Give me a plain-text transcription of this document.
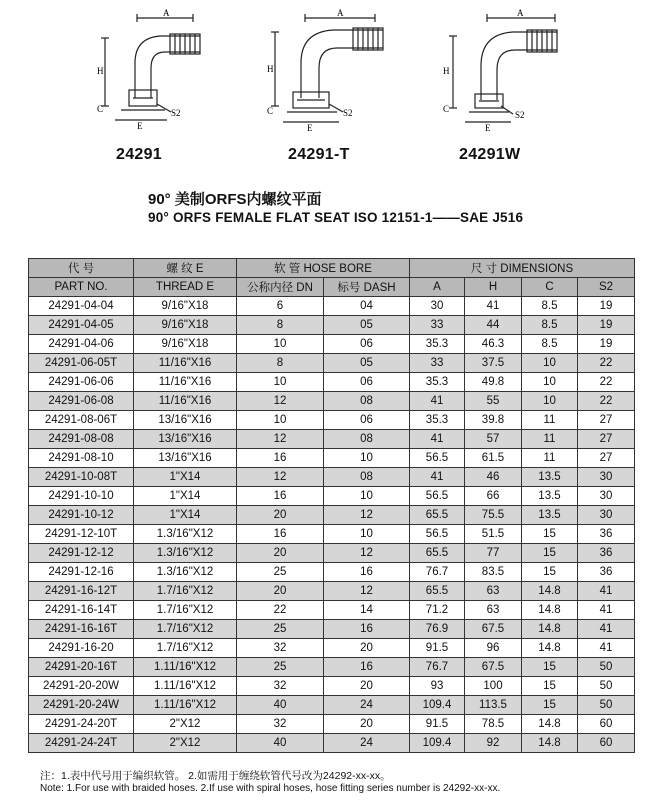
A
H
C
E
S2
A
H
C
E
S2
A
H
C
E
S2
24291	24291-T	24291W
90° 美制ORFS内螺纹平面
90° ORFS FEMALE FLAT SEAT ISO 12151-1——SAE J516
代 号	螺 纹 E	软 管 HOSE BORE		尺 寸 DIMENSIONS			
PART NO.	THREAD E	公称内径 DN	标号 DASH	A	H	C	S2
24291-04-04	9/16"X18	6	04	30	41	8.5	19
24291-04-05	9/16"X18	8	05	33	44	8.5	19
24291-04-06	9/16"X18	10	06	35.3	46.3	8.5	19
24291-06-05T	11/16"X16	8	05	33	37.5	10	22
24291-06-06	11/16"X16	10	06	35.3	49.8	10	22
24291-06-08	11/16"X16	12	08	41	55	10	22
24291-08-06T	13/16"X16	10	06	35.3	39.8	11	27
24291-08-08	13/16"X16	12	08	41	57	11	27
24291-08-10	13/16"X16	16	10	56.5	61.5	11	27
24291-10-08T	1"X14	12	08	41	46	13.5	30
24291-10-10	1"X14	16	10	56.5	66	13.5	30
24291-10-12	1"X14	20	12	65.5	75.5	13.5	30
24291-12-10T	1.3/16"X12	16	10	56.5	51.5	15	36
24291-12-12	1.3/16"X12	20	12	65.5	77	15	36
24291-12-16	1.3/16"X12	25	16	76.7	83.5	15	36
24291-16-12T	1.7/16"X12	20	12	65.5	63	14.8	41
24291-16-14T	1.7/16"X12	22	14	71.2	63	14.8	41
24291-16-16T	1.7/16"X12	25	16	76.9	67.5	14.8	41
24291-16-20	1.7/16"X12	32	20	91.5	96	14.8	41
24291-20-16T	1.11/16"X12	25	16	76.7	67.5	15	50
24291-20-20W	1.11/16"X12	32	20	93	100	15	50
24291-20-24W	1.11/16"X12	40	24	109.4	113.5	15	50
24291-24-20T	2"X12	32	20	91.5	78.5	14.8	60
24291-24-24T	2"X12	40	24	109.4	92	14.8	60
注：1.表中代号用于编织软管。 2.如需用于缠绕软管代号改为24292-xx-xx。
Note: 1.For use with braided hoses. 2.If use with spiral hoses, hose fitting series number is 24292-xx-xx.
